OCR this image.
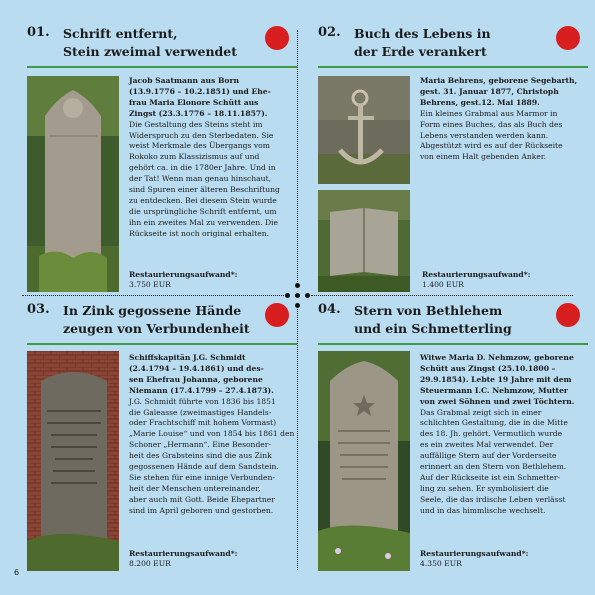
01. Schrift entfernt,
Stein zweimal verwendet
Jacob Saatmann aus Born
(13.9.1776 – 10.2.1851) und Ehe-
frau Maria Elonore Schütt aus
Zingst (23.3.1776 – 18.11.1857).
Die Gestaltung des Steins steht im
Widerspruch zu den Sterbedaten. Sie
weist Merkmale des Übergangs vom
Rokoko zum Klassizismus auf und
gehört ca. in die 1780er Jahre. Und in
der Tat! Wenn man genau hinschaut,
sind Spuren einer älteren Beschriftung
zu entdecken. Bei diesem Stein wurde
die ursprüngliche Schrift entfernt, um
ihn ein zweites Mal zu verwenden. Die
Rückseite ist noch original erhalten.
Restaurierungsaufwand*:
3.750 EUR
02. Buch des Lebens in
der Erde verankert
Maria Behrens, geborene Segebarth,
gest. 31. Januar 1877, Christoph
Behrens, gest.12. Mai 1889.
Ein kleines Grabmal aus Marmor in
Form eines Buches, das als Buch des
Lebens verstanden werden kann.
Abgestützt wird es auf der Rückseite
von einem Halt gebenden Anker.
Restaurierungsaufwand*:
1.400 EUR
03. In Zink gegossene Hände
zeugen von Verbundenheit
Schiffskapitän J.G. Schmidt
(2.4.1794 – 19.4.1861) und des-
sen Ehefrau Johanna, geborene
Niemann (17.4.1799 – 27.4.1873).
J.G. Schmidt führte von 1836 bis 1851
die Galeasse (zweimastiges Handels-
oder Frachtschiff mit hohem Vormast)
„Marie Louise“ und von 1854 bis 1861 den
Schoner „Hermann“. Eine Besonder-
heit des Grabsteins sind die aus Zink
gegossenen Hände auf dem Sandstein.
Sie stehen für eine innige Verbunden-
heit der Menschen untereinander,
aber auch mit Gott. Beide Ehepartner
sind im April geboren und gestorben.
Restaurierungsaufwand*:
8.200 EUR
04. Stern von Bethlehem
und ein Schmetterling
Witwe Maria D. Nehmzow, geborene
Schütt aus Zingst (25.10.1800 –
29.9.1854). Lebte 19 Jahre mit dem
Steuermann I.C. Nehmzow, Mutter
von zwei Söhnen und zwei Töchtern.
Das Grabmal zeigt sich in einer
schlichten Gestaltung, die in die Mitte
des 18. Jh. gehört. Vermutlich wurde
es ein zweites Mal verwendet. Der
auffällige Stern auf der Vorderseite
erinnert an den Stern von Bethlehem.
Auf der Rückseite ist ein Schmetter-
ling zu sehen. Er symbolisiert die
Seele, die das irdische Leben verlässt
und in das himmlische wechselt.
Restaurierungsaufwand*:
4.350 EUR
6
